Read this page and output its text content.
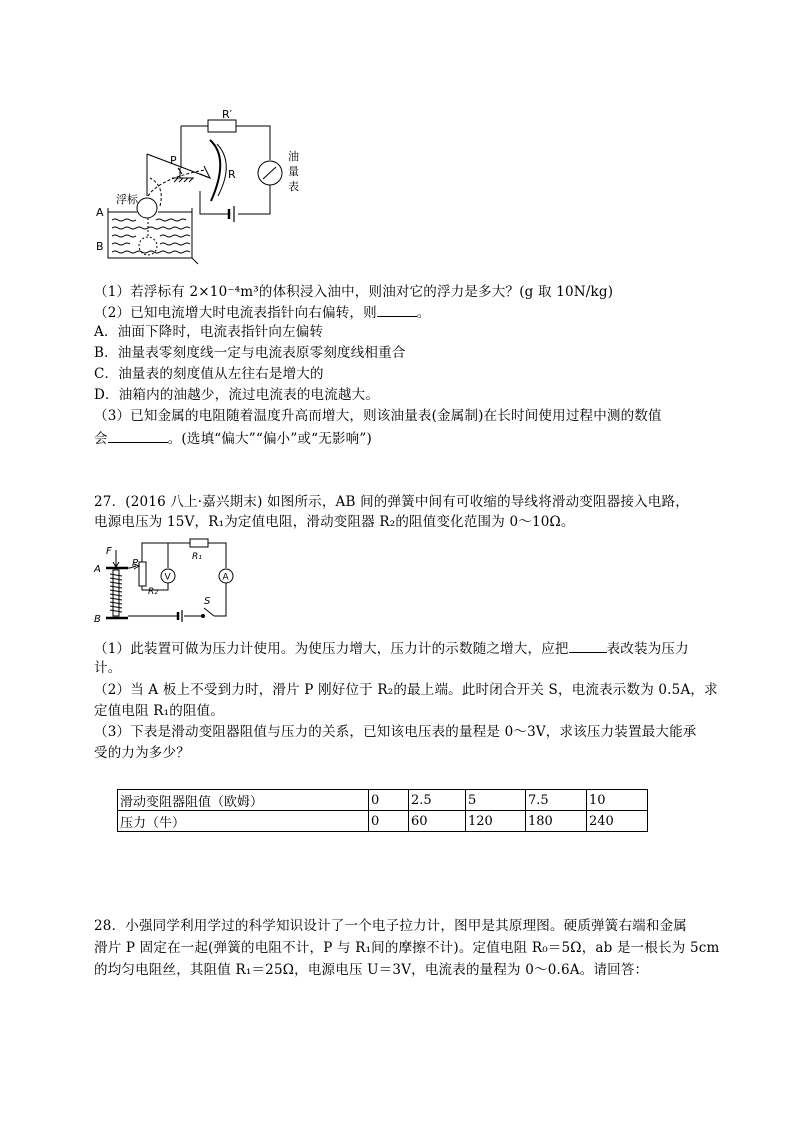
R′
P
R
浮标
A
B
油
量
表
（1）若浮标有 2×10⁻⁴m³的体积浸入油中，则油对它的浮力是多大？(g 取 10N/kg)
（2）已知电流增大时电流表指针向右偏转，则	。
A．油面下降时，电流表指针向左偏转
B．油量表零刻度线一定与电流表原零刻度线相重合
C．油量表的刻度值从左往右是增大的
D．油箱内的油越少，流过电流表的电流越大。
（3）已知金属的电阻随着温度升高而增大，则该油量表(金属制)在长时间使用过程中测的数值
会	。(选填“偏大”“偏小”或“无影响”)
27．(2016 八上·嘉兴期末) 如图所示，AB 间的弹簧中间有可收缩的导线将滑动变阻器接入电路，
电源电压为 15V，R₁为定值电阻，滑动变阻器 R₂的阻值变化范围为 0～10Ω。
F
P
A
B
R₂
R₁
S
V	A
（1）此装置可做为压力计使用。为使压力增大，压力计的示数随之增大，应把	表改装为压力
计。
（2）当 A 板上不受到力时，滑片 P 刚好位于 R₂的最上端。此时闭合开关 S，电流表示数为 0.5A，求
定值电阻 R₁的阻值。
（3）下表是滑动变阻器阻值与压力的关系，已知该电压表的量程是 0～3V，求该压力装置最大能承
受的力为多少？
滑动变阻器阻值（欧姆）	0	2.5	5	7.5	10
压力（牛）	0	60	120	180	240
28．小强同学利用学过的科学知识设计了一个电子拉力计，图甲是其原理图。硬质弹簧右端和金属
滑片 P 固定在一起(弹簧的电阻不计，P 与 R₁间的摩擦不计)。定值电阻 R₀＝5Ω，ab 是一根长为 5cm
的均匀电阻丝，其阻值 R₁＝25Ω，电源电压 U＝3V，电流表的量程为 0～0.6A。请回答：
